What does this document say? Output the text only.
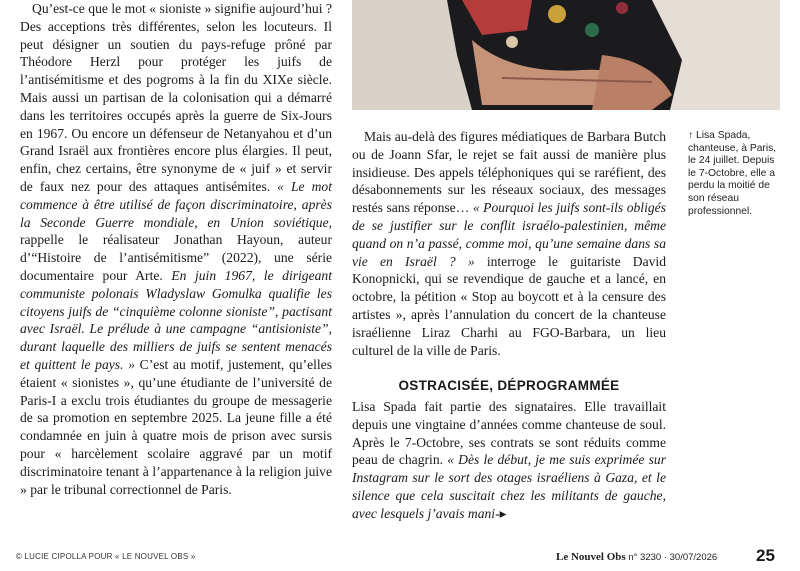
Qu’est-ce que le mot « sioniste » signifie aujourd’hui ? Des acceptions très différentes, selon les locuteurs. Il peut désigner un soutien du pays-refuge prôné par Théodore Herzl pour protéger les juifs de l’antisémitisme et des pogroms à la fin du XIXe siècle. Mais aussi un partisan de la colonisation qui a démarré dans les territoires occupés après la guerre de Six-Jours en 1967. Ou encore un défenseur de Netanyahou et d’un Grand Israël aux frontières encore plus élargies. Il peut, enfin, chez certains, être synonyme de « juif » et servir de faux nez pour des attaques antisémites. « Le mot commence à être utilisé de façon discriminatoire, après la Seconde Guerre mondiale, en Union soviétique, rappelle le réalisateur Jonathan Hayoun, auteur d’“Histoire de l’antisémitisme” (2022), une série documentaire pour Arte. En juin 1967, le dirigeant communiste polonais Wladyslaw Gomulka qualifie les citoyens juifs de “cinquième colonne sioniste”, pactisant avec Israël. Le prélude à une campagne “antisioniste”, durant laquelle des milliers de juifs se sentent menacés et quittent le pays. » C’est au motif, justement, qu’elles étaient « sionistes », qu’une étudiante de l’université de Paris-I a exclu trois étudiantes du groupe de messagerie de sa promotion en septembre 2025. La jeune fille a été condamnée en juin à quatre mois de prison avec sursis pour « harcèlement scolaire aggravé par un motif discriminatoire tenant à l’appartenance à la religion juive » par le tribunal correctionnel de Paris.

Mais au-delà des figures médiatiques de Barbara Butch ou de Joann Sfar, le rejet se fait aussi de manière plus insidieuse. Des appels téléphoniques qui se raréfient, des désabonnements sur les réseaux sociaux, des messages restés sans réponse… « Pourquoi les juifs sont-ils obligés de se justifier sur le conflit israélo-palestinien, même quand on n’a passé, comme moi, qu’une semaine dans sa vie en Israël ? » interroge le guitariste David Konopnicki, qui se revendique de gauche et a lancé, en octobre, la pétition « Stop au boycott et à la censure des artistes », après l’annulation du concert de la chanteuse israélienne Liraz Charhi au FGO-Barbara, un lieu culturel de la ville de Paris.

OSTRACISÉE, DÉPROGRAMMÉE

Lisa Spada fait partie des signataires. Elle travaillait depuis une vingtaine d’années comme chanteuse de soul. Après le 7-Octobre, ses contrats se sont réduits comme peau de chagrin. « Dès le début, je me suis exprimée sur Instagram sur le sort des otages israéliens à Gaza, et le silence que cela suscitait chez les militants de gauche, avec lesquels j’avais mani-▸

↑ Lisa Spada, chanteuse, à Paris, le 24 juillet. Depuis le 7-Octobre, elle a perdu la moitié de son réseau professionnel.
© LUCIE CIPOLLA POUR « LE NOUVEL OBS »	Le Nouvel Obs n° 3230 · 30/07/2026 25
